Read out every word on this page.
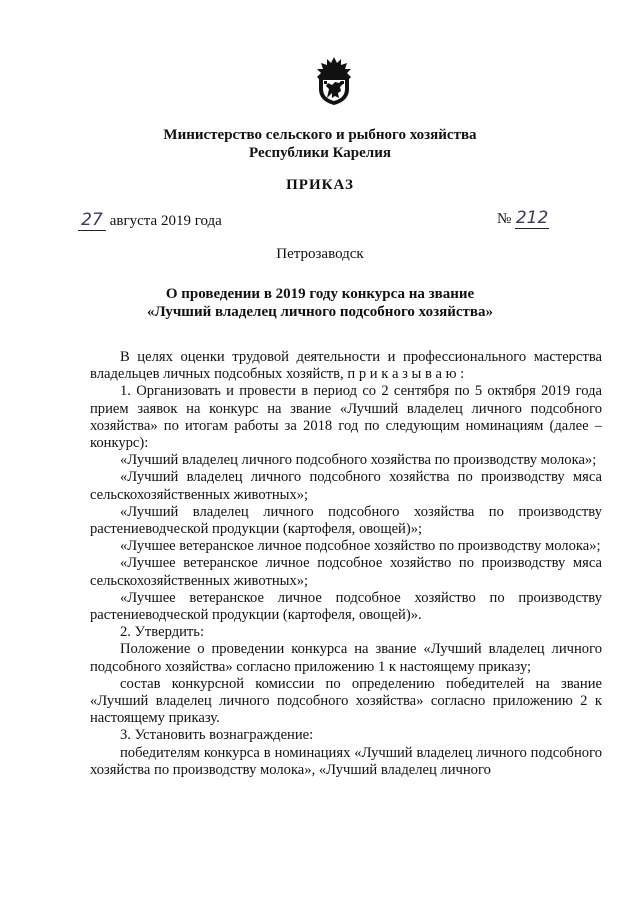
Министерство сельского и рыбного хозяйства
Республики Карелия
ПРИКАЗ
27 августа 2019 года	№ 212
Петрозаводск
О проведении в 2019 году конкурса на звание
«Лучший владелец личного подсобного хозяйства»

В целях оценки трудовой деятельности и профессионального мастерства владельцев личных подсобных хозяйств, п р и к а з ы в а ю :

1. Организовать и провести в период со 2 сентября по 5 октября 2019 года прием заявок на конкурс на звание «Лучший владелец личного подсобного хозяйства» по итогам работы за 2018 год по следующим номинациям (далее – конкурс):

«Лучший владелец личного подсобного хозяйства по производству молока»;

«Лучший владелец личного подсобного хозяйства по производству мяса сельскохозяйственных животных»;

«Лучший владелец личного подсобного хозяйства по производству растениеводческой продукции (картофеля, овощей)»;

«Лучшее ветеранское личное подсобное хозяйство по производству молока»;

«Лучшее ветеранское личное подсобное хозяйство по производству мяса сельскохозяйственных животных»;

«Лучшее ветеранское личное подсобное хозяйство по производству растениеводческой продукции (картофеля, овощей)».

2. Утвердить:

Положение о проведении конкурса на звание «Лучший владелец личного подсобного хозяйства» согласно приложению 1 к настоящему приказу;

состав конкурсной комиссии по определению победителей на звание «Лучший владелец личного подсобного хозяйства» согласно приложению 2 к настоящему приказу.

3. Установить вознаграждение:

победителям конкурса в номинациях «Лучший владелец личного подсобного хозяйства по производству молока», «Лучший владелец личного
